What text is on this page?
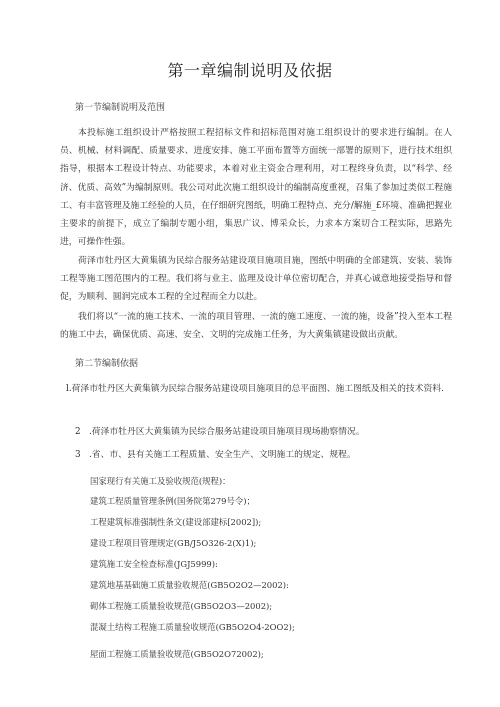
第一章编制说明及依据
第一节编制说明及范围
本投标施工组织设计严格按照工程招标文件和招标范围对施工组织设计的要求进行编制。在人员、机械、材料调配、质量要求、进度安排、施工平面布置等方面统一部署的原则下，进行技术组织指导，根据本工程设计特点、功能要求，本着对业主资金合理利用，对工程终身负责，以“科学、经济、优质、高效”为编制原则。我公司对此次施工组织设计的编制高度重视，召集了参加过类似工程施工、有丰富管理及施工经验的人员，在仔细研究图纸，明确工程特点、充分/解施_£环境、准确把握业主要求的前提下，成立了编制专题小组，集思广议、博采众长，力求本方案切合工程实际，思路先进，可操作性强。
荷泽市牡丹区大黄集镇为民综合服务站建设项目施项目施，图纸中明确的全部建筑、安装、装饰工程等施工图范围内的工程。我们将与业主、监理及设计单位密切配合，并真心诚意地接受指导和督促，为顺利、圆润完成本工程的全过程而全力以赴。
我们将以“一流的施工技术、一流的项目管理、一流的施工速度、一流的施，设备”投入至本工程的施工中去，确保优质、高速、安全、文明的完成施工任务，为大黄集镇建设做出贡献。
第二节编制依据
l.荷泽市牡丹区大黄集镇为民综合服务站建设项目施项目的总平面图、施工图纸及相关的技术资料.
2 .荷泽市牡丹区大黄集镇为民综合服务站建设项目施项目现场勘察情况。
3 .省、市、县有关施工工程质量、安全生产、文明施工的规定、规程。
国家现行有关施工及验收规范(规程)：
建筑工程质量管理条例(国务院第279号令)；
工程建筑标准强制性条文(建设部建标[2002]);
建设工程项目管理规定(GB/J5O326-2(X)1);
建筑施工安全检查标准(JGJ5999):
建筑地基基础施工质量验收规范(GB5O2O2—2002):
砌体工程施工质量验收规范(GB5O2O3—2002);
混凝土结构工程施工质量验收规范(GB5O2O4-2OO2);
屋面工程施工质量验收规范(GB5O2O72002);
